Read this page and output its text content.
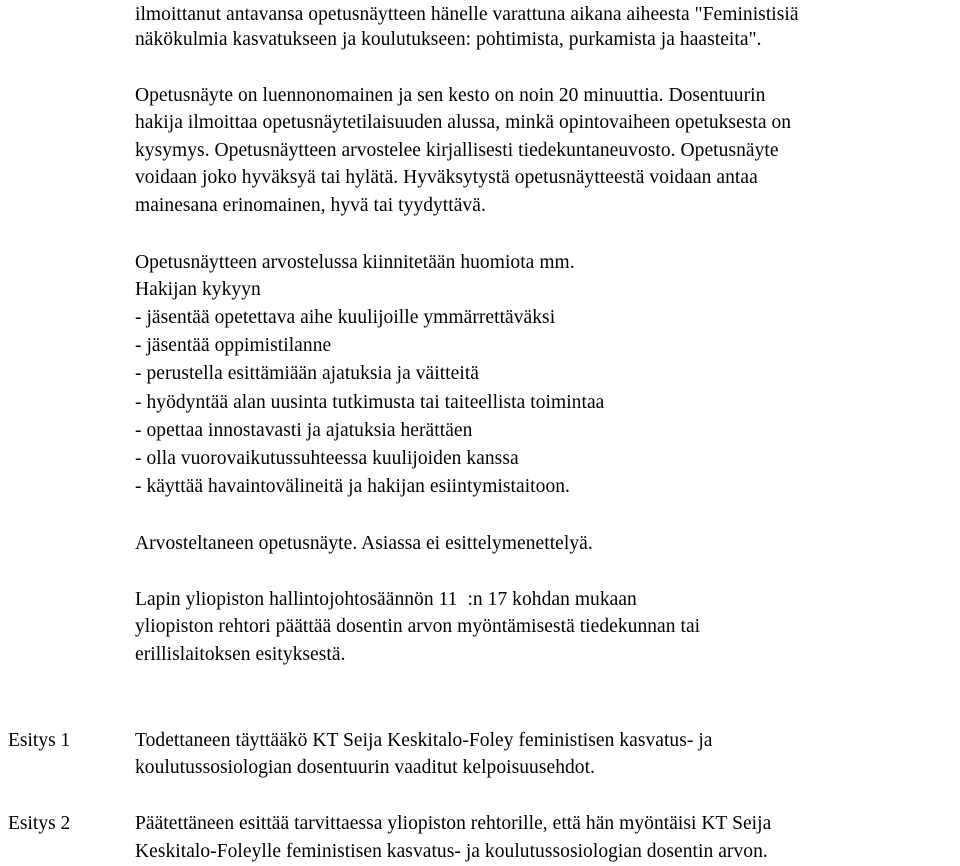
ilmoittanut antavansa opetusnäytteen hänelle varattuna aikana aiheesta "Feministisiä
näkökulmia kasvatukseen ja koulutukseen: pohtimista, purkamista ja haasteita".
Opetusnäyte on luennonomainen ja sen kesto on noin 20 minuuttia. Dosentuurin
hakija ilmoittaa opetusnäytetilaisuuden alussa, minkä opintovaiheen opetuksesta on
kysymys. Opetusnäytteen arvostelee kirjallisesti tiedekuntaneuvosto. Opetusnäyte
voidaan joko hyväksyä tai hylätä. Hyväksytystä opetusnäytteestä voidaan antaa
mainesana erinomainen, hyvä tai tyydyttävä.
Opetusnäytteen arvostelussa kiinnitetään huomiota mm.
Hakijan kykyyn
- jäsentää opetettava aihe kuulijoille ymmärrettäväksi
- jäsentää oppimistilanne
- perustella esittämiään ajatuksia ja väitteitä
- hyödyntää alan uusinta tutkimusta tai taiteellista toimintaa
- opettaa innostavasti ja ajatuksia herättäen
- olla vuorovaikutussuhteessa kuulijoiden kanssa
- käyttää havaintovälineitä ja hakijan esiintymistaitoon.
Arvosteltaneen opetusnäyte. Asiassa ei esittelymenettelyä.
Lapin yliopiston hallintojohtosäännön 11 :n 17 kohdan mukaan
yliopiston rehtori päättää dosentin arvon myöntämisestä tiedekunnan tai
erillislaitoksen esityksestä.
Esitys 1	Todettaneen täyttääkö KT Seija Keskitalo-Foley feministisen kasvatus- ja
koulutussosiologian dosentuurin vaaditut kelpoisuusehdot.
Esitys 2	Päätettäneen esittää tarvittaessa yliopiston rehtorille, että hän myöntäisi KT Seija
Keskitalo-Foleylle feministisen kasvatus- ja koulutussosiologian dosentin arvon.
